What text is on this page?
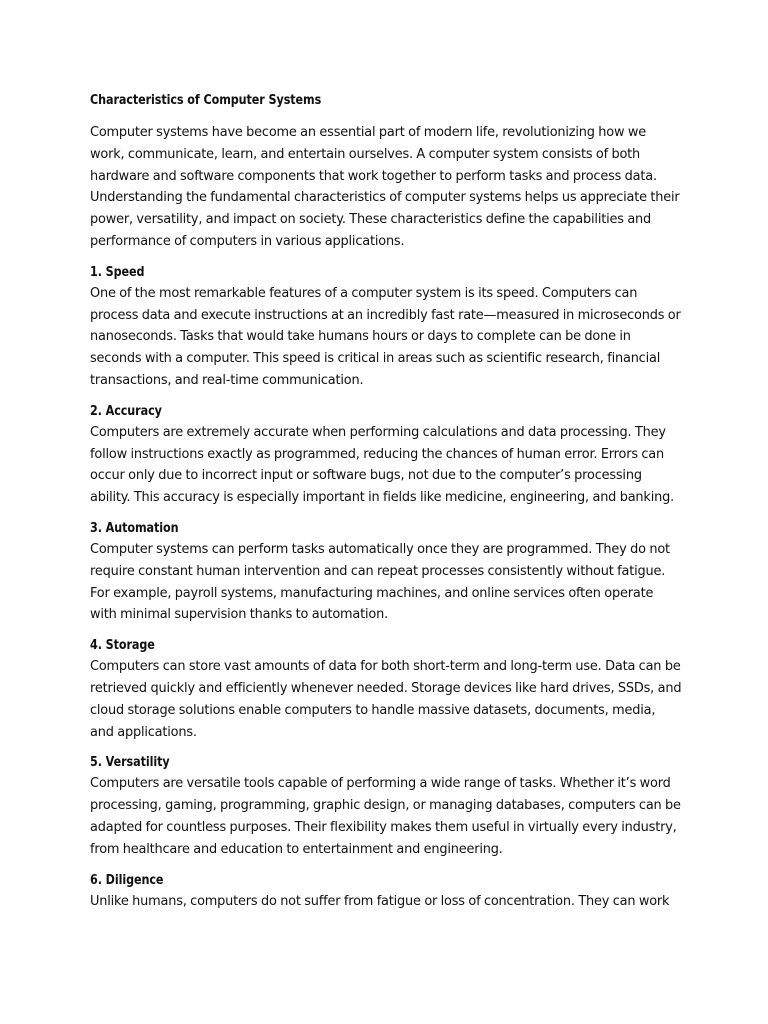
Characteristics of Computer Systems

Computer systems have become an essential part of modern life, revolutionizing how we work, communicate, learn, and entertain ourselves. A computer system consists of both hardware and software components that work together to perform tasks and process data. Understanding the fundamental characteristics of computer systems helps us appreciate their power, versatility, and impact on society. These characteristics define the capabilities and performance of computers in various applications.

1. Speed

One of the most remarkable features of a computer system is its speed. Computers can process data and execute instructions at an incredibly fast rate—measured in microseconds or nanoseconds. Tasks that would take humans hours or days to complete can be done in seconds with a computer. This speed is critical in areas such as scientific research, financial transactions, and real-time communication.

2. Accuracy

Computers are extremely accurate when performing calculations and data processing. They follow instructions exactly as programmed, reducing the chances of human error. Errors can occur only due to incorrect input or software bugs, not due to the computer’s processing ability. This accuracy is especially important in fields like medicine, engineering, and banking.

3. Automation

Computer systems can perform tasks automatically once they are programmed. They do not require constant human intervention and can repeat processes consistently without fatigue. For example, payroll systems, manufacturing machines, and online services often operate with minimal supervision thanks to automation.

4. Storage

Computers can store vast amounts of data for both short-term and long-term use. Data can be retrieved quickly and efficiently whenever needed. Storage devices like hard drives, SSDs, and cloud storage solutions enable computers to handle massive datasets, documents, media, and applications.

5. Versatility

Computers are versatile tools capable of performing a wide range of tasks. Whether it’s word processing, gaming, programming, graphic design, or managing databases, computers can be adapted for countless purposes. Their flexibility makes them useful in virtually every industry, from healthcare and education to entertainment and engineering.

6. Diligence

Unlike humans, computers do not suffer from fatigue or loss of concentration. They can work
